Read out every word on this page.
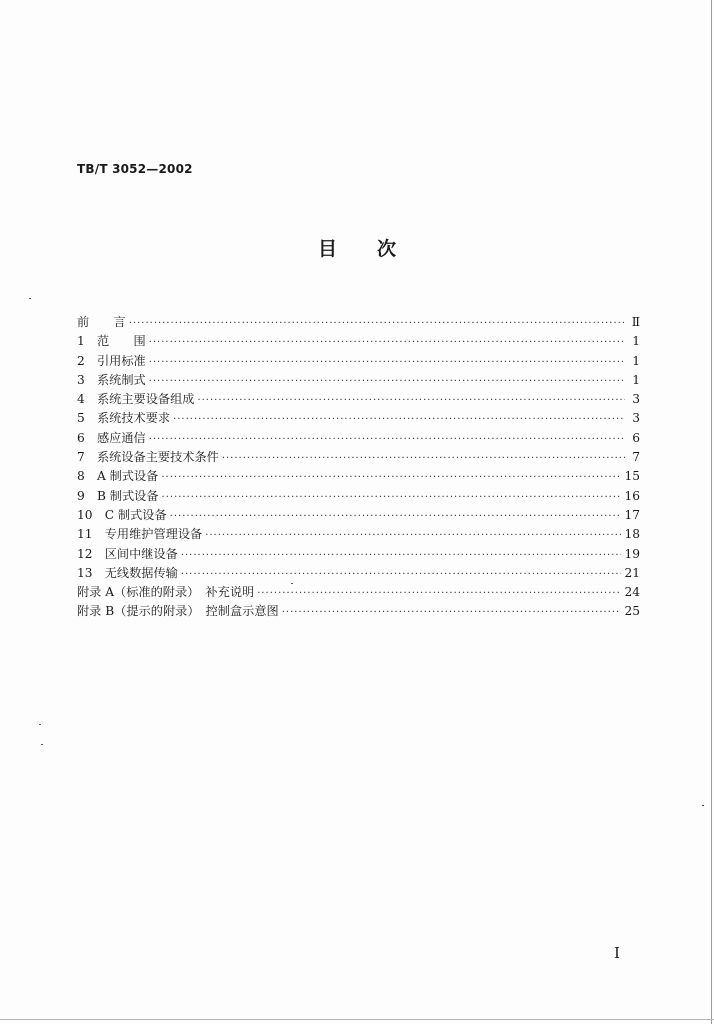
TB/T 3052—2002
目次
前　　言 ·····	Ⅱ
1　范　　围 ·····	1
2　引用标准 ·····	1
3　系统制式 ·····	1
4　系统主要设备组成 ·····	3
5　系统技术要求 ·····	3
6　感应通信 ·····	6
7　系统设备主要技术条件 ·····	7
8　A 制式设备 ·····	15
9　B 制式设备 ·····	16
10　C 制式设备 ·····	17
11　专用维护管理设备 ·····	18
12　区间中继设备 ·····	19
13　无线数据传输 ·····	21
附录 A（标准的附录）　补充说明 ·····	24
附录 B（提示的附录）　控制盒示意图 ·····	25
I
